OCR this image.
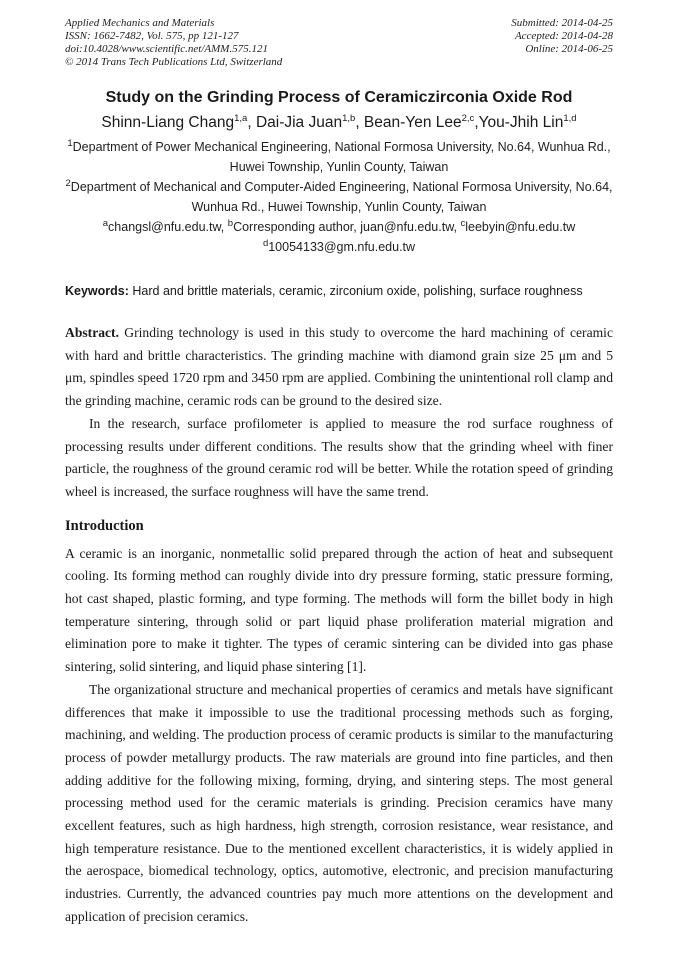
Applied Mechanics and Materials
ISSN: 1662-7482, Vol. 575, pp 121-127
doi:10.4028/www.scientific.net/AMM.575.121
© 2014 Trans Tech Publications Ltd, Switzerland
Submitted: 2014-04-25
Accepted: 2014-04-28
Online: 2014-06-25
Study on the Grinding Process of Ceramiczirconia Oxide Rod
Shinn-Liang Chang$^{1,a}$, Dai-Jia Juan$^{1,b}$, Bean-Yen Lee$^{2,c}$,You-Jhih Lin$^{1,d}$
$^1$Department of Power Mechanical Engineering, National Formosa University, No.64, Wunhua Rd.,
Huwei Township, Yunlin County, Taiwan
$^2$Department of Mechanical and Computer-Aided Engineering, National Formosa University, No.64,
Wunhua Rd., Huwei Township, Yunlin County, Taiwan
$^a$changsl@nfu.edu.tw, $^b$Corresponding author, juan@nfu.edu.tw, $^c$leebyin@nfu.edu.tw
$^d$10054133@gm.nfu.edu.tw
Keywords: Hard and brittle materials, ceramic, zirconium oxide, polishing, surface roughness

Abstract. Grinding technology is used in this study to overcome the hard machining of ceramic with hard and brittle characteristics. The grinding machine with diamond grain size 25 μm and 5 μm, spindles speed 1720 rpm and 3450 rpm are applied. Combining the unintentional roll clamp and the grinding machine, ceramic rods can be ground to the desired size.

In the research, surface profilometer is applied to measure the rod surface roughness of processing results under different conditions. The results show that the grinding wheel with finer particle, the roughness of the ground ceramic rod will be better. While the rotation speed of grinding wheel is increased, the surface roughness will have the same trend.

Introduction

A ceramic is an inorganic, nonmetallic solid prepared through the action of heat and subsequent cooling. Its forming method can roughly divide into dry pressure forming, static pressure forming, hot cast shaped, plastic forming, and type forming. The methods will form the billet body in high temperature sintering, through solid or part liquid phase proliferation material migration and elimination pore to make it tighter. The types of ceramic sintering can be divided into gas phase sintering, solid sintering, and liquid phase sintering [1].

The organizational structure and mechanical properties of ceramics and metals have significant differences that make it impossible to use the traditional processing methods such as forging, machining, and welding. The production process of ceramic products is similar to the manufacturing process of powder metallurgy products. The raw materials are ground into fine particles, and then adding additive for the following mixing, forming, drying, and sintering steps. The most general processing method used for the ceramic materials is grinding. Precision ceramics have many excellent features, such as high hardness, high strength, corrosion resistance, wear resistance, and high temperature resistance. Due to the mentioned excellent characteristics, it is widely applied in the aerospace, biomedical technology, optics, automotive, electronic, and precision manufacturing industries. Currently, the advanced countries pay much more attentions on the development and application of precision ceramics.
